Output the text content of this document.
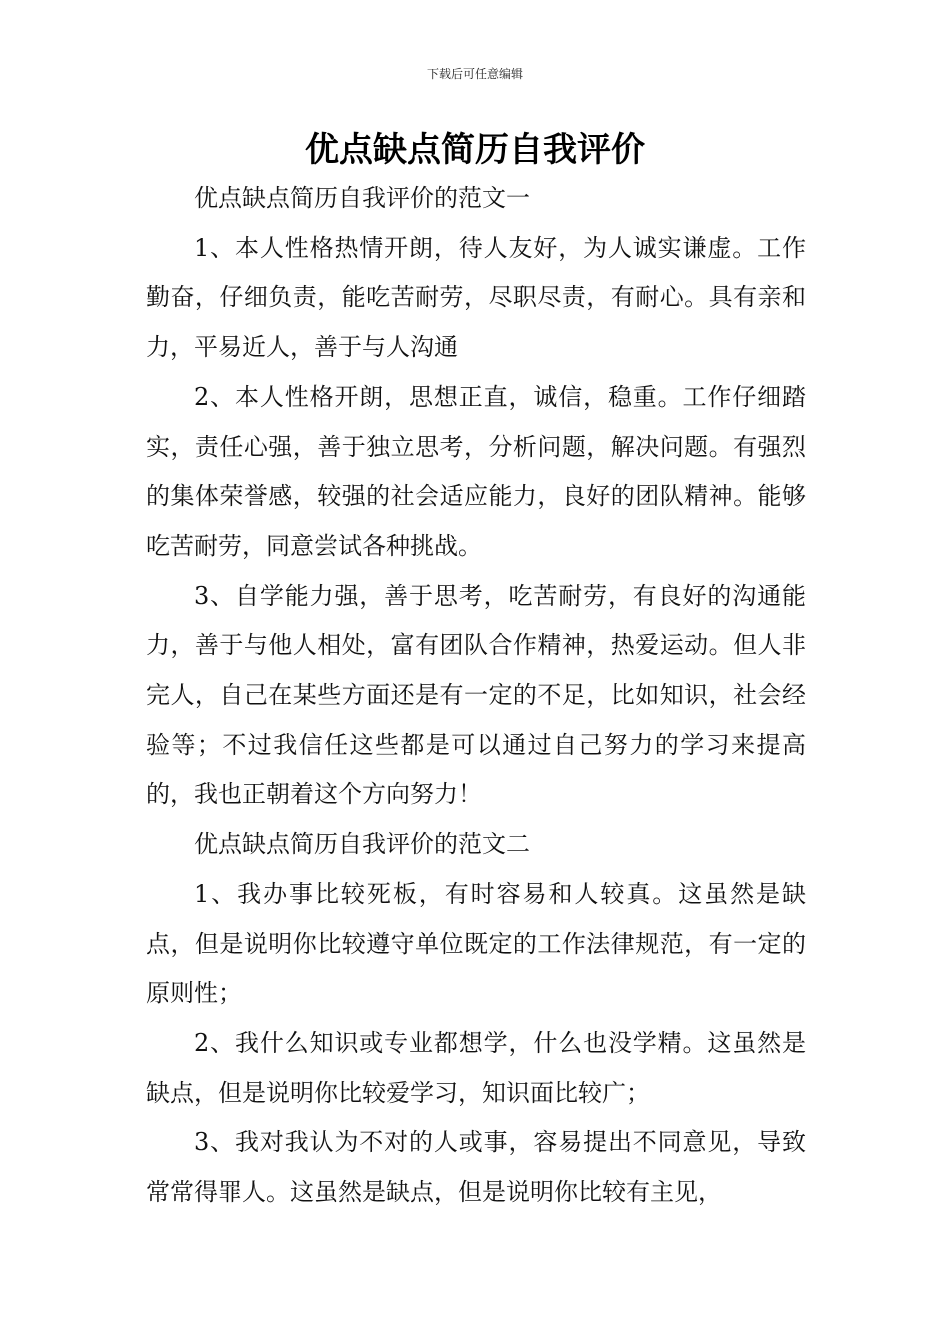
下载后可任意编辑
优点缺点简历自我评价

优点缺点简历自我评价的范文一

1、本人性格热情开朗，待人友好，为人诚实谦虚。工作勤奋，仔细负责，能吃苦耐劳，尽职尽责，有耐心。具有亲和力，平易近人，善于与人沟通

2、本人性格开朗，思想正直，诚信，稳重。工作仔细踏实，责任心强，善于独立思考，分析问题，解决问题。有强烈的集体荣誉感，较强的社会适应能力，良好的团队精神。能够吃苦耐劳，同意尝试各种挑战。

3、自学能力强，善于思考，吃苦耐劳，有良好的沟通能力，善于与他人相处，富有团队合作精神，热爱运动。但人非完人，自己在某些方面还是有一定的不足，比如知识，社会经验等；不过我信任这些都是可以通过自己努力的学习来提高的，我也正朝着这个方向努力！

优点缺点简历自我评价的范文二

1、我办事比较死板，有时容易和人较真。这虽然是缺点，但是说明你比较遵守单位既定的工作法律规范，有一定的原则性；

2、我什么知识或专业都想学，什么也没学精。这虽然是缺点，但是说明你比较爱学习，知识面比较广；

3、我对我认为不对的人或事，容易提出不同意见，导致常常得罪人。这虽然是缺点，但是说明你比较有主见，
